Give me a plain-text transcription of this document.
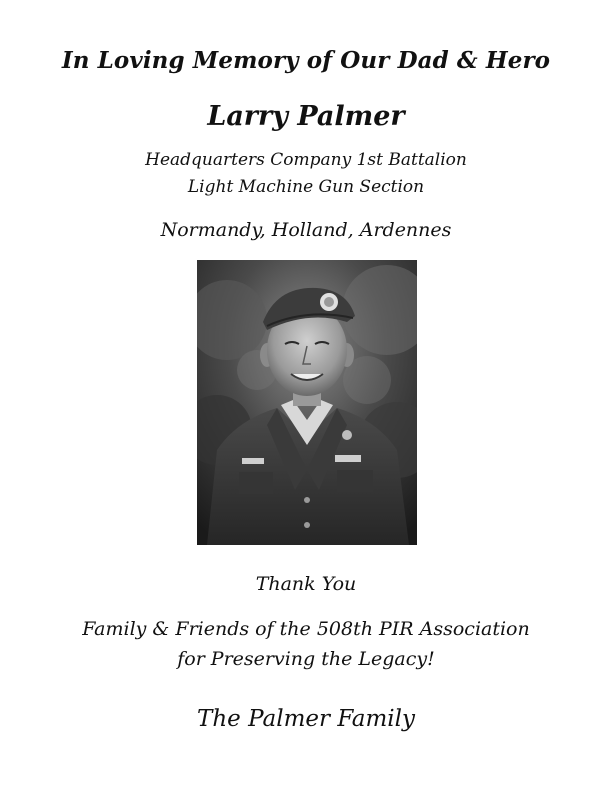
In Loving Memory of Our Dad & Hero
Larry Palmer
Headquarters Company 1st Battalion
Light Machine Gun Section
Normandy, Holland, Ardennes
Thank You
Family & Friends of the 508th PIR Association
for Preserving the Legacy!
The Palmer Family
